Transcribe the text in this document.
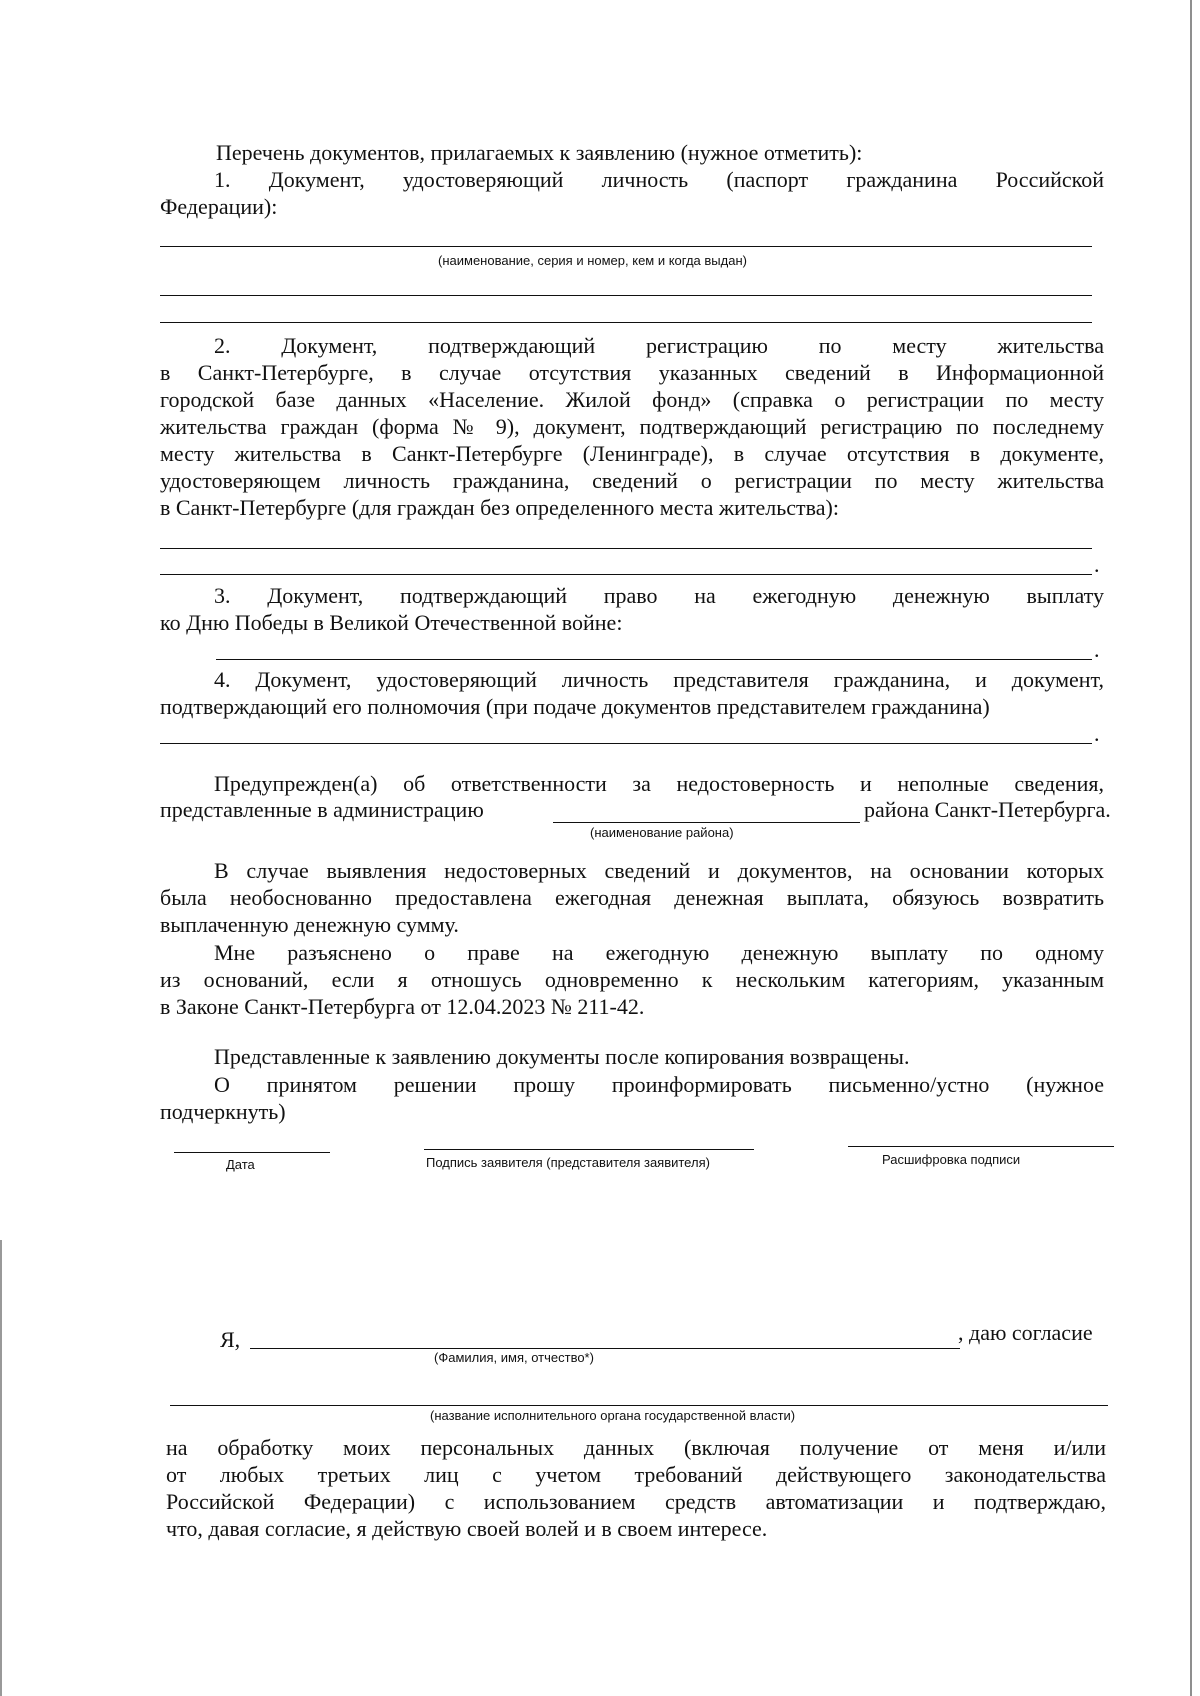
Перечень документов, прилагаемых к заявлению (нужное отметить):
1. Документ, удостоверяющий личность (паспорт гражданина Российской
Федерации):
(наименование, серия и номер, кем и когда выдан)
2. Документ, подтверждающий регистрацию по месту жительства
в Санкт-Петербурге, в случае отсутствия указанных сведений в Информационной
городской базе данных «Население. Жилой фонд» (справка о регистрации по месту
жительства граждан (форма № 9), документ, подтверждающий регистрацию по последнему
месту жительства в Санкт-Петербурге (Ленинграде), в случае отсутствия в документе,
удостоверяющем личность гражданина, сведений о регистрации по месту жительства
в Санкт-Петербурге (для граждан без определенного места жительства):
.
3. Документ, подтверждающий право на ежегодную денежную выплату
ко Дню Победы в Великой Отечественной войне:
.
4. Документ, удостоверяющий личность представителя гражданина, и документ,
подтверждающий его полномочия (при подаче документов представителем гражданина)
.
Предупрежден(а) об ответственности за недостоверность и неполные сведения,
представленные в администрацию	района Санкт-Петербурга.
(наименование района)
В случае выявления недостоверных сведений и документов, на основании которых
была необоснованно предоставлена ежегодная денежная выплата, обязуюсь возвратить
выплаченную денежную сумму.
Мне разъяснено о праве на ежегодную денежную выплату по одному
из оснований, если я отношусь одновременно к нескольким категориям, указанным
в Законе Санкт-Петербурга от 12.04.2023 № 211-42.
Представленные к заявлению документы после копирования возвращены.
О принятом решении прошу проинформировать письменно/устно (нужное
подчеркнуть)
Дата	Подпись заявителя (представителя заявителя)	Расшифровка подписи
Я,	, даю согласие
(Фамилия, имя, отчество*)
(название исполнительного органа государственной власти)
на обработку моих персональных данных (включая получение от меня и/или
от любых третьих лиц с учетом требований действующего законодательства
Российской Федерации) с использованием средств автоматизации и подтверждаю,
что, давая согласие, я действую своей волей и в своем интересе.
